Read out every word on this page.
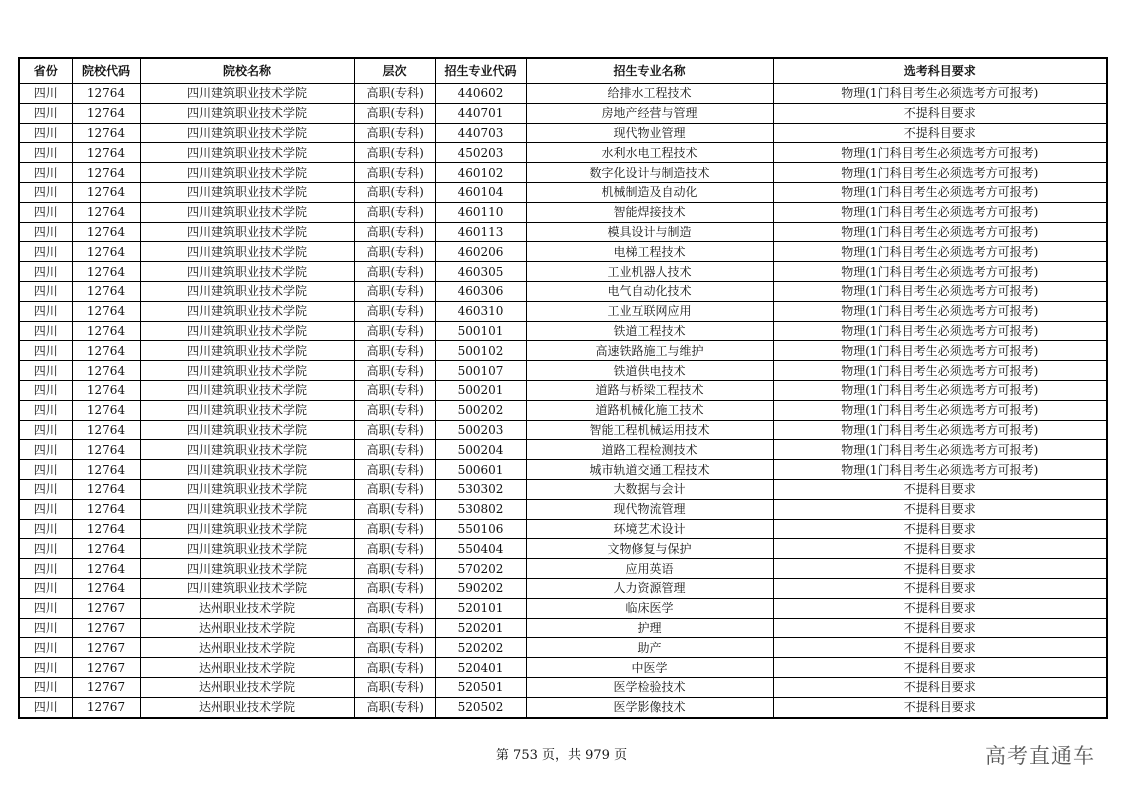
省份	院校代码	院校名称	层次	招生专业代码	招生专业名称	选考科目要求
四川	12764	四川建筑职业技术学院	高职(专科)	440602	给排水工程技术	物理(1门科目考生必须选考方可报考)
四川	12764	四川建筑职业技术学院	高职(专科)	440701	房地产经营与管理	不提科目要求
四川	12764	四川建筑职业技术学院	高职(专科)	440703	现代物业管理	不提科目要求
四川	12764	四川建筑职业技术学院	高职(专科)	450203	水利水电工程技术	物理(1门科目考生必须选考方可报考)
四川	12764	四川建筑职业技术学院	高职(专科)	460102	数字化设计与制造技术	物理(1门科目考生必须选考方可报考)
四川	12764	四川建筑职业技术学院	高职(专科)	460104	机械制造及自动化	物理(1门科目考生必须选考方可报考)
四川	12764	四川建筑职业技术学院	高职(专科)	460110	智能焊接技术	物理(1门科目考生必须选考方可报考)
四川	12764	四川建筑职业技术学院	高职(专科)	460113	模具设计与制造	物理(1门科目考生必须选考方可报考)
四川	12764	四川建筑职业技术学院	高职(专科)	460206	电梯工程技术	物理(1门科目考生必须选考方可报考)
四川	12764	四川建筑职业技术学院	高职(专科)	460305	工业机器人技术	物理(1门科目考生必须选考方可报考)
四川	12764	四川建筑职业技术学院	高职(专科)	460306	电气自动化技术	物理(1门科目考生必须选考方可报考)
四川	12764	四川建筑职业技术学院	高职(专科)	460310	工业互联网应用	物理(1门科目考生必须选考方可报考)
四川	12764	四川建筑职业技术学院	高职(专科)	500101	铁道工程技术	物理(1门科目考生必须选考方可报考)
四川	12764	四川建筑职业技术学院	高职(专科)	500102	高速铁路施工与维护	物理(1门科目考生必须选考方可报考)
四川	12764	四川建筑职业技术学院	高职(专科)	500107	铁道供电技术	物理(1门科目考生必须选考方可报考)
四川	12764	四川建筑职业技术学院	高职(专科)	500201	道路与桥梁工程技术	物理(1门科目考生必须选考方可报考)
四川	12764	四川建筑职业技术学院	高职(专科)	500202	道路机械化施工技术	物理(1门科目考生必须选考方可报考)
四川	12764	四川建筑职业技术学院	高职(专科)	500203	智能工程机械运用技术	物理(1门科目考生必须选考方可报考)
四川	12764	四川建筑职业技术学院	高职(专科)	500204	道路工程检测技术	物理(1门科目考生必须选考方可报考)
四川	12764	四川建筑职业技术学院	高职(专科)	500601	城市轨道交通工程技术	物理(1门科目考生必须选考方可报考)
四川	12764	四川建筑职业技术学院	高职(专科)	530302	大数据与会计	不提科目要求
四川	12764	四川建筑职业技术学院	高职(专科)	530802	现代物流管理	不提科目要求
四川	12764	四川建筑职业技术学院	高职(专科)	550106	环境艺术设计	不提科目要求
四川	12764	四川建筑职业技术学院	高职(专科)	550404	文物修复与保护	不提科目要求
四川	12764	四川建筑职业技术学院	高职(专科)	570202	应用英语	不提科目要求
四川	12764	四川建筑职业技术学院	高职(专科)	590202	人力资源管理	不提科目要求
四川	12767	达州职业技术学院	高职(专科)	520101	临床医学	不提科目要求
四川	12767	达州职业技术学院	高职(专科)	520201	护理	不提科目要求
四川	12767	达州职业技术学院	高职(专科)	520202	助产	不提科目要求
四川	12767	达州职业技术学院	高职(专科)	520401	中医学	不提科目要求
四川	12767	达州职业技术学院	高职(专科)	520501	医学检验技术	不提科目要求
四川	12767	达州职业技术学院	高职(专科)	520502	医学影像技术	不提科目要求
第 753 页，共 979 页	高考直通车
